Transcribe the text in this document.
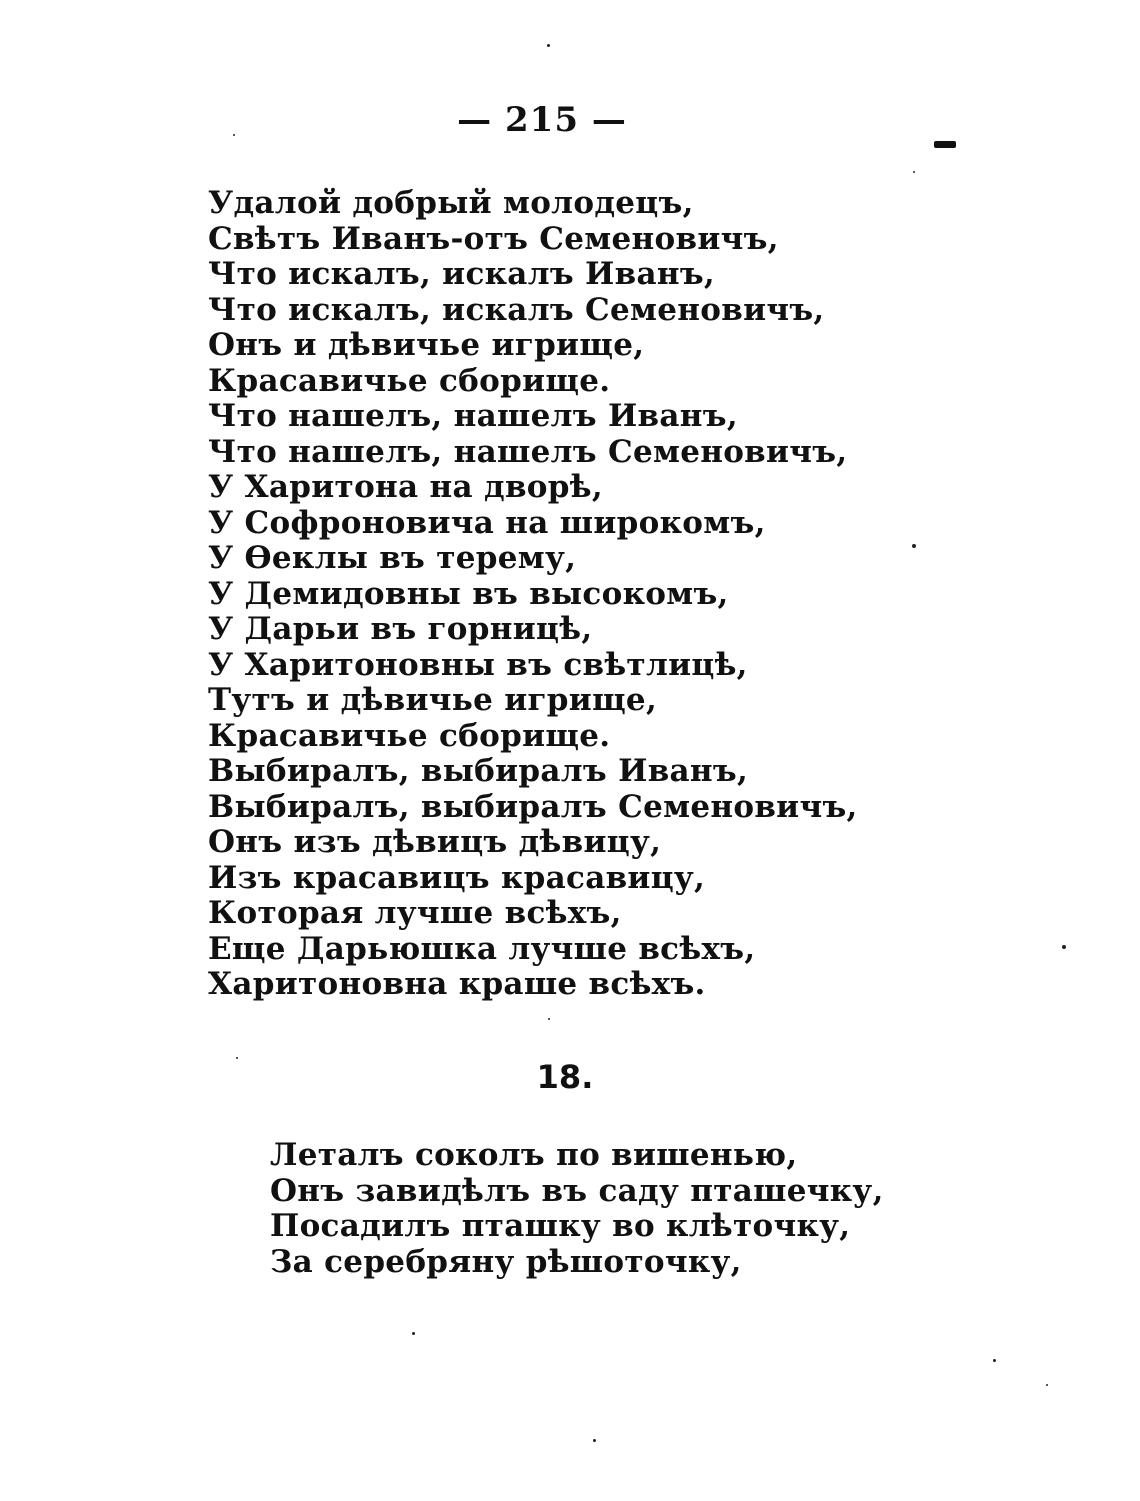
— 215 —
Удалой добрый молодецъ,
Свѣтъ Иванъ-отъ Семеновичъ,
Что искалъ, искалъ Иванъ,
Что искалъ, искалъ Семеновичъ,
Онъ и дѣвичье игрище,
Красавичье сборище.
Что нашелъ, нашелъ Иванъ,
Что нашелъ, нашелъ Семеновичъ,
У Харитона на дворѣ,
У Софроновича на широкомъ,
У Ѳеклы въ терему,
У Демидовны въ высокомъ,
У Дарьи въ горницѣ,
У Харитоновны въ свѣтлицѣ,
Тутъ и дѣвичье игрище,
Красавичье сборище.
Выбиралъ, выбиралъ Иванъ,
Выбиралъ, выбиралъ Семеновичъ,
Онъ изъ дѣвицъ дѣвицу,
Изъ красавицъ красавицу,
Которая лучше всѣхъ,
Еще Дарьюшка лучше всѣхъ,
Харитоновна краше всѣхъ.
18.
Леталъ соколъ по вишенью,
Онъ завидѣлъ въ саду пташечку,
Посадилъ пташку во клѣточку,
За серебряну рѣшоточку,
